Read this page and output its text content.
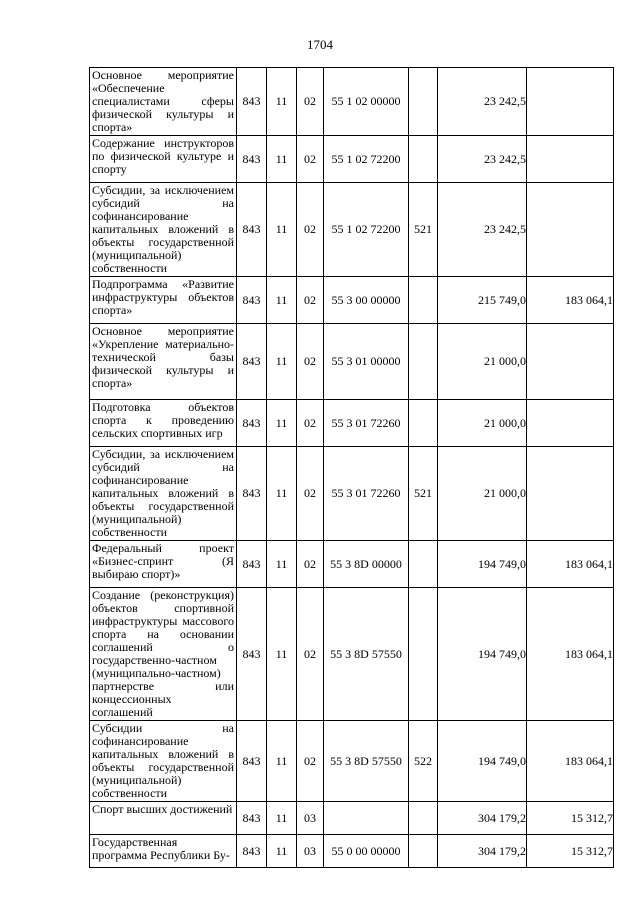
1704
Основное мероприятие «Обеспечение специалистами сферы физической культуры и спорта»	843	11	02	55 1 02 00000		23 242,5	
Содержание инструкторов по физической культуре и спорту	843	11	02	55 1 02 72200		23 242,5	
Субсидии, за исключением субсидий на софинансирование капитальных вложений в объекты государственной (муниципальной) собственности	843	11	02	55 1 02 72200	521	23 242,5	
Подпрограмма «Развитие инфраструктуры объектов спорта»	843	11	02	55 3 00 00000		215 749,0	183 064,1
Основное мероприятие «Укрепление материально-технической базы физической культуры и спорта»	843	11	02	55 3 01 00000		21 000,0	
Подготовка объектов спорта к проведению сельских спортивных игр	843	11	02	55 3 01 72260		21 000,0	
Субсидии, за исключением субсидий на софинансирование капитальных вложений в объекты государственной (муниципальной) собственности	843	11	02	55 3 01 72260	521	21 000,0	
Федеральный проект «Бизнес-спринт (Я выбираю спорт)»	843	11	02	55 3 8D 00000		194 749,0	183 064,1
Создание (реконструкция) объектов спортивной инфраструктуры массового спорта на основании соглашений о государственно-частном (муниципально-частном) партнерстве или концессионных соглашений	843	11	02	55 3 8D 57550		194 749,0	183 064,1
Субсидии на софинансирование капитальных вложений в объекты государственной (муниципальной) собственности	843	11	02	55 3 8D 57550	522	194 749,0	183 064,1
Спорт высших достижений	843	11	03			304 179,2	15 312,7
Государственная программа Республики Бу-	843	11	03	55 0 00 00000		304 179,2	15 312,7
